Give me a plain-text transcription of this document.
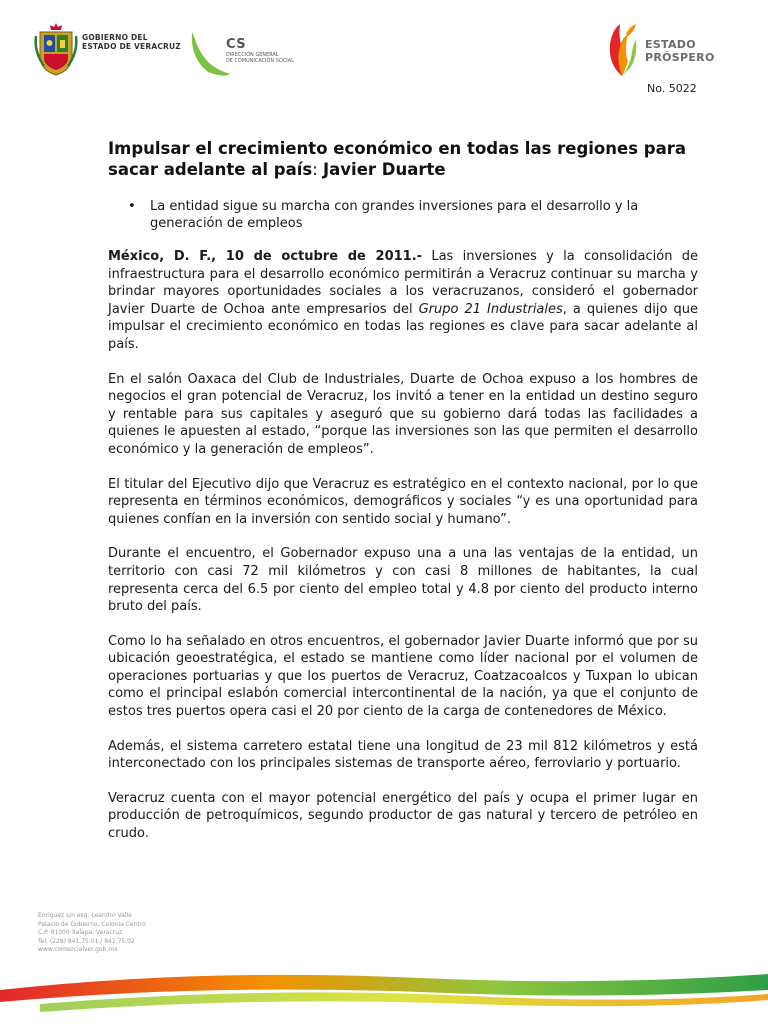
GOBIERNO DEL
ESTADO DE VERACRUZ	CS
DIRECCIÓN GENERAL
DE COMUNICACIÓN SOCIAL
ESTADO
PRÓSPERO
No. 5022
Impulsar el crecimiento económico en todas las regiones para sacar adelante al país: Javier Duarte
•	La entidad sigue su marcha con grandes inversiones para el desarrollo y la generación de empleos

México, D. F., 10 de octubre de 2011.- Las inversiones y la consolidación de infraestructura para el desarrollo económico permitirán a Veracruz continuar su marcha y brindar mayores oportunidades sociales a los veracruzanos, consideró el gobernador Javier Duarte de Ochoa ante empresarios del Grupo 21 Industriales, a quienes dijo que impulsar el crecimiento económico en todas las regiones es clave para sacar adelante al país.

En el salón Oaxaca del Club de Industriales, Duarte de Ochoa expuso a los hombres de negocios el gran potencial de Veracruz, los invitó a tener en la entidad un destino seguro y rentable para sus capitales y aseguró que su gobierno dará todas las facilidades a quienes le apuesten al estado, “porque las inversiones son las que permiten el desarrollo económico y la generación de empleos”.

El titular del Ejecutivo dijo que Veracruz es estratégico en el contexto nacional, por lo que representa en términos económicos, demográficos y sociales “y es una oportunidad para quienes confían en la inversión con sentido social y humano”.

Durante el encuentro, el Gobernador expuso una a una las ventajas de la entidad, un territorio con casi 72 mil kilómetros y con casi 8 millones de habitantes, la cual representa cerca del 6.5 por ciento del empleo total y 4.8 por ciento del producto interno bruto del país.

Como lo ha señalado en otros encuentros, el gobernador Javier Duarte informó que por su ubicación geoestratégica, el estado se mantiene como líder nacional por el volumen de operaciones portuarias y que los puertos de Veracruz, Coatzacoalcos y Tuxpan lo ubican como el principal eslabón comercial intercontinental de la nación, ya que el conjunto de estos tres puertos opera casi el 20 por ciento de la carga de contenedores de México.

Además, el sistema carretero estatal tiene una longitud de 23 mil 812 kilómetros y está interconectado con los principales sistemas de transporte aéreo, ferroviario y portuario.

Veracruz cuenta con el mayor potencial energético del país y ocupa el primer lugar en producción de petroquímicos, segundo productor de gas natural y tercero de petróleo en crudo.

Enriquez s/n esq. Leandro Valle
Palacio de Gobierno, Colonia Centro
C.P. 91000 Xalapa, Veracruz
Tel. (228) 841.75.01 / 841.75.02
www.comsocialver.gob.mx
